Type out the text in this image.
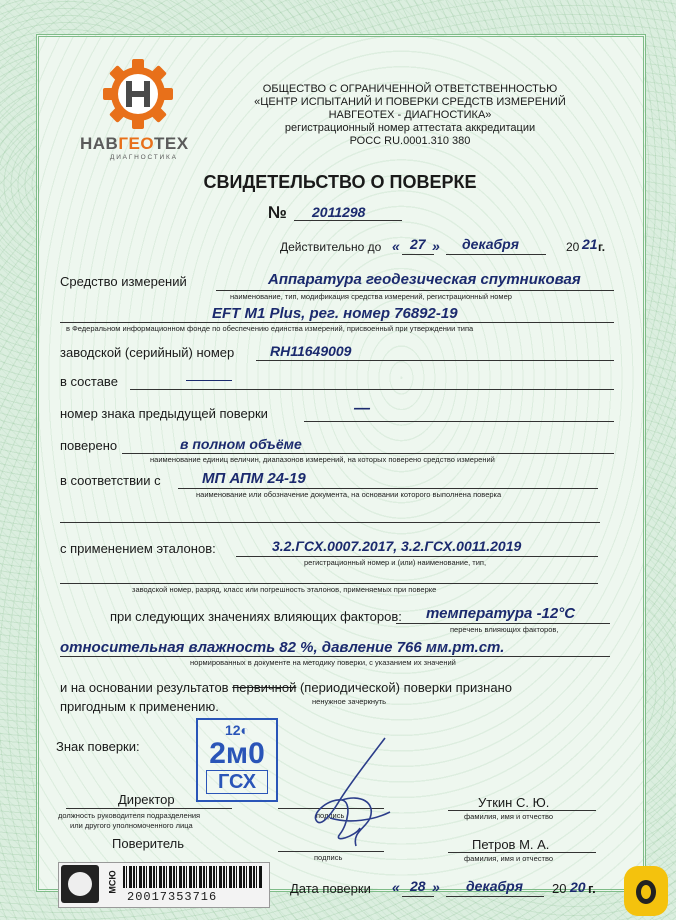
НАВГЕОТЕХ
ДИАГНОСТИКА
ОБЩЕСТВО С ОГРАНИЧЕННОЙ ОТВЕТСТВЕННОСТЬЮ
«ЦЕНТР ИСПЫТАНИЙ И ПОВЕРКИ СРЕДСТВ ИЗМЕРЕНИЙ
НАВГЕОТЕХ - ДИАГНОСТИКА»
регистрационный номер аттестата аккредитации
РОСС RU.0001.310 380
СВИДЕТЕЛЬСТВО О ПОВЕРКЕ
№ 2011298
Действительно до « 27 » декабря	20 21 г.
Средство измерений	Аппаратура геодезическая спутниковая
наименование, тип, модификация средства измерений, регистрационный номер
EFT M1 Plus, рег. номер 76892-19
в Федеральном информационном фонде по обеспечению единства измерений, присвоенный при утверждении типа
заводской (серийный) номер	RH11649009
в составе
номер знака предыдущей поверки	—
поверено	в полном объёме
наименование единиц величин, диапазонов измерений, на которых поверено средство измерений
в соответствии с	МП АПМ 24-19
наименование или обозначение документа, на основании которого выполнена поверка
с применением эталонов:	3.2.ГСХ.0007.2017, 3.2.ГСХ.0011.2019
регистрационный номер и (или) наименование, тип,
заводской номер, разряд, класс или погрешность эталонов, применяемых при поверке
при следующих значениях влияющих факторов: температура -12°С
перечень влияющих факторов,
относительная влажность 82 %, давление 766 мм.рт.ст.
нормированных в документе на методику поверки, с указанием их значений
и на основании результатов первичной (периодической) поверки признано
ненужное зачеркнуть
пригодным к применению.
Знак поверки:
12◐
2м0
ГСХ
Директор
должность руководителя подразделения
или другого уполномоченного лица
подпись
Уткин С. Ю.
фамилия, имя и отчество
Поверитель
подпись
Петров М. А.
фамилия, имя и отчество
МСЮ
20017353716
Дата поверки « 28 » декабря 20 20 г.
